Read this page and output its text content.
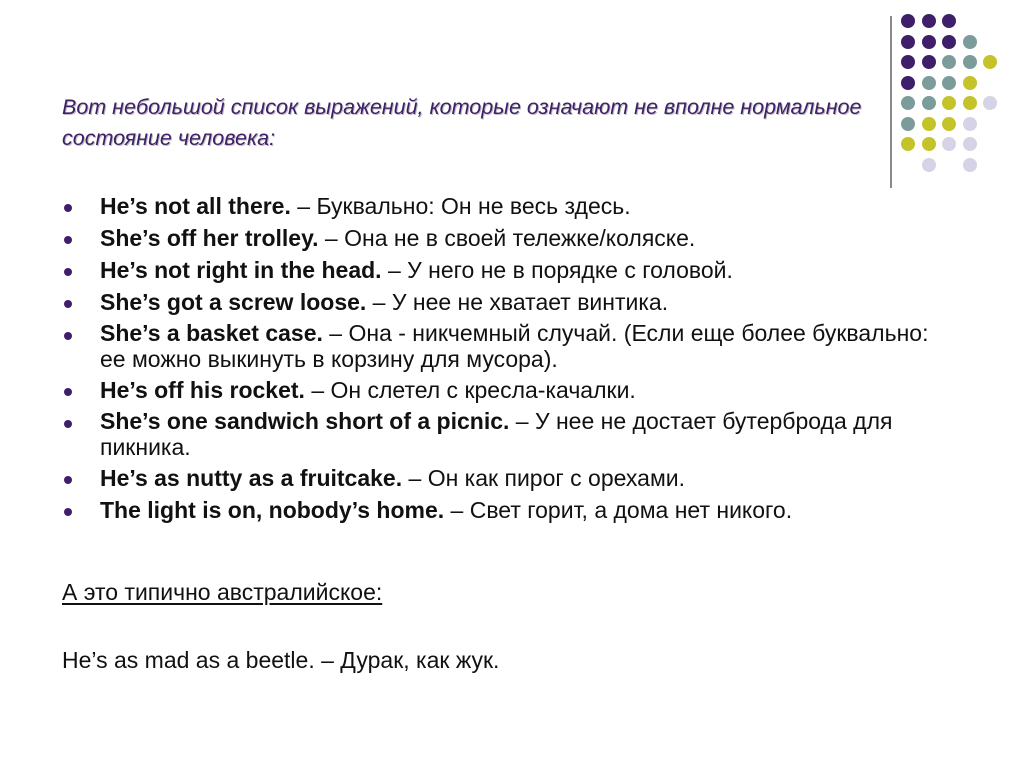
Вот небольшой список выражений, которые означают не вполне нормальное состояние человека:

He’s not all there. – Буквально: Он не весь здесь.
She’s off her trolley. – Она не в своей тележке/коляске.
He’s not right in the head. – У него не в порядке с головой.
She’s got a screw loose. – У нее не хватает винтика.
She’s a basket case. – Она - никчемный случай. (Если еще более буквально: ее можно выкинуть в корзину для мусора).
He’s off his rocket. – Он слетел с кресла-качалки.
She’s one sandwich short of a picnic. – У нее не достает бутерброда для пикника.
He’s as nutty as a fruitcake. – Он как пирог с орехами.
The light is on, nobody’s home. – Свет горит, а дома нет никого.

А это типично австралийское:

He’s as mad as a beetle. – Дурак, как жук.
